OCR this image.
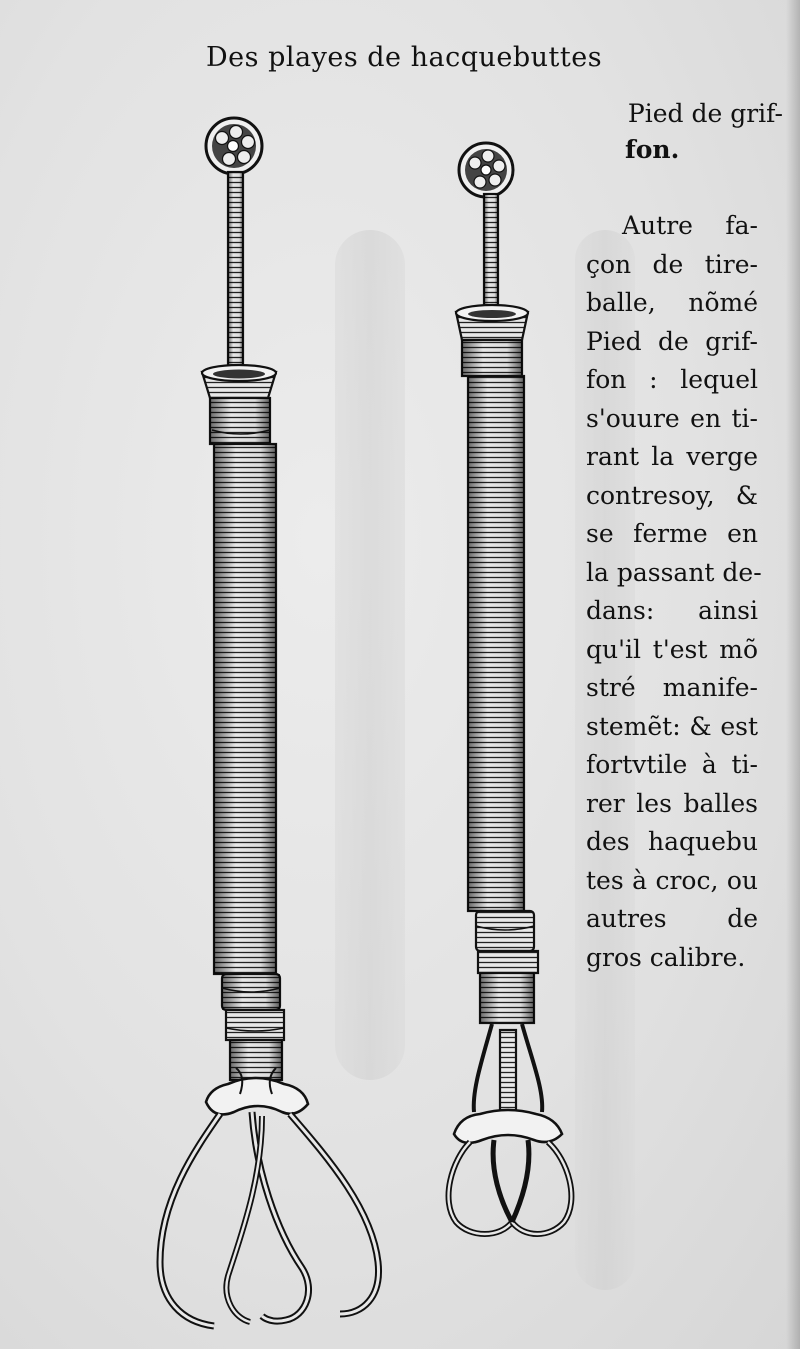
Des playes de hacquebuttes
Pied de grif-
fon.
Autre fa-
çon de tire-
balle, nõmé
Pied de grif-
fon : lequel
s'ouure en ti-
rant la verge
contresoy, &
se ferme en
la passant de-
dans: ainsi
qu'il t'est mõ
stré manife-
stemẽt: & est
fortvtile à ti-
rer les balles
des haquebu
tes à croc, ou
autres de
gros calibre.
